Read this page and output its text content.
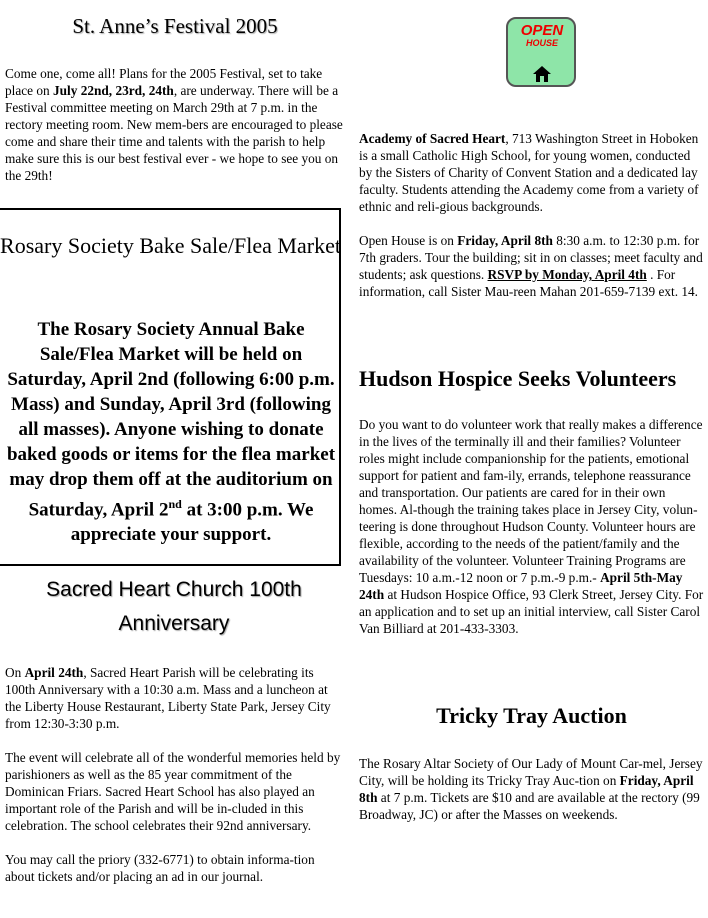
St. Anne’s Festival 2005

Come one, come all! Plans for the 2005 Festival, set to take place on July 22nd, 23rd, 24th, are underway. There will be a Festival committee meeting on March 29th at 7 p.m. in the rectory meeting room. New mem-bers are encouraged to please come and share their time and talents with the parish to help make sure this is our best festival ever - we hope to see you on the 29th!

Rosary Society Bake Sale/Flea Market
The Rosary Society Annual Bake Sale/Flea Market will be held on Saturday, April 2nd (following 6:00 p.m. Mass) and Sunday, April 3rd (following all masses). Anyone wishing to donate baked goods or items for the flea market may drop them off at the auditorium on Saturday, April 2nd at 3:00 p.m. We appreciate your support.
Sacred Heart Church 100th Anniversary

On April 24th, Sacred Heart Parish will be celebrating its 100th Anniversary with a 10:30 a.m. Mass and a luncheon at the Liberty House Restaurant, Liberty State Park, Jersey City from 12:30-3:30 p.m.

The event will celebrate all of the wonderful memories held by parishioners as well as the 85 year commitment of the Dominican Friars. Sacred Heart School has also played an important role of the Parish and will be in-cluded in this celebration. The school celebrates their 92nd anniversary.

You may call the priory (332-6771) to obtain informa-tion about tickets and/or placing an ad in our journal.

OPEN
HOUSE

Academy of Sacred Heart, 713 Washington Street in Hoboken is a small Catholic High School, for young women, conducted by the Sisters of Charity of Convent Station and a dedicated lay faculty. Students attending the Academy come from a variety of ethnic and reli-gious backgrounds.

Open House is on Friday, April 8th 8:30 a.m. to 12:30 p.m. for 7th graders. Tour the building; sit in on classes; meet faculty and students; ask questions. RSVP by Monday, April 4th . For information, call Sister Mau-reen Mahan 201-659-7139 ext. 14.

Hudson Hospice Seeks Volunteers

Do you want to do volunteer work that really makes a difference in the lives of the terminally ill and their families? Volunteer roles might include companionship for the patients, emotional support for patient and fam-ily, errands, telephone reassurance and transportation. Our patients are cared for in their own homes. Al-though the training takes place in Jersey City, volun-teering is done throughout Hudson County. Volunteer hours are flexible, according to the needs of the patient/family and the availability of the volunteer. Volunteer Training Programs are Tuesdays: 10 a.m.-12 noon or 7 p.m.-9 p.m.- April 5th-May 24th at Hudson Hospice Office, 93 Clerk Street, Jersey City. For an application and to set up an initial interview, call Sister Carol Van Billiard at 201-433-3303.

Tricky Tray Auction

The Rosary Altar Society of Our Lady of Mount Car-mel, Jersey City, will be holding its Tricky Tray Auc-tion on Friday, April 8th at 7 p.m. Tickets are $10 and are available at the rectory (99 Broadway, JC) or after the Masses on weekends.
